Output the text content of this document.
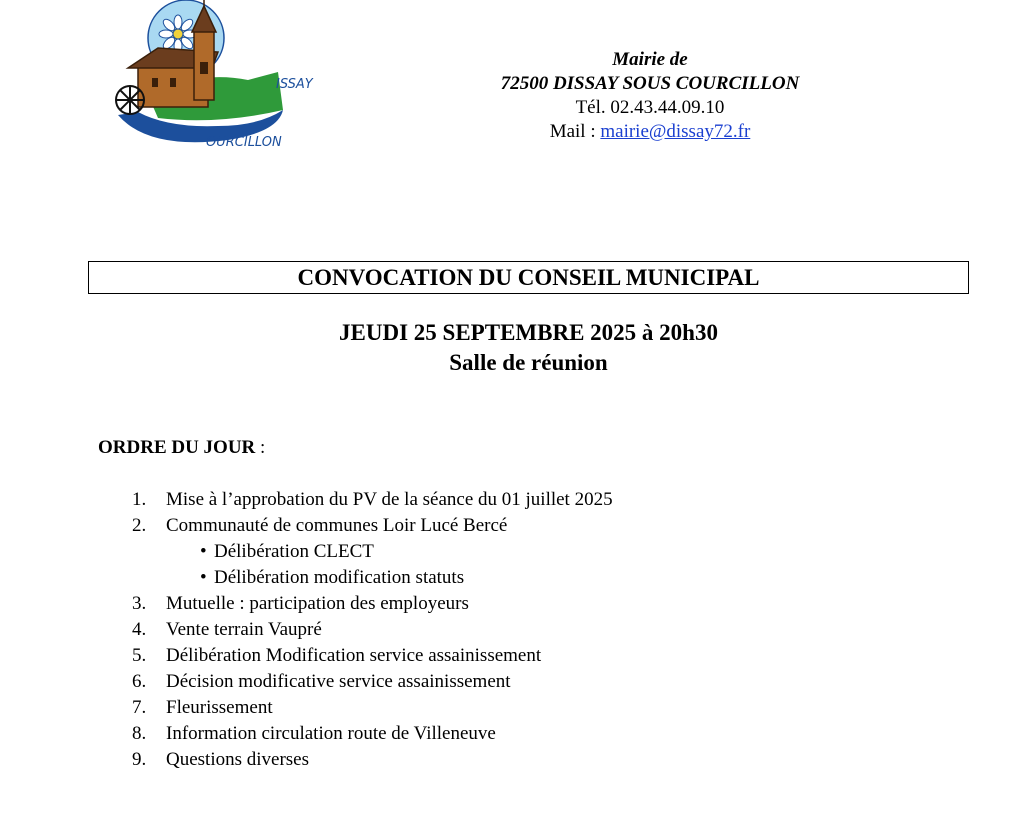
ISSAY
OURCILLON
Mairie de
72500 DISSAY SOUS COURCILLON
Tél. 02.43.44.09.10
Mail : mairie@dissay72.fr
CONVOCATION DU CONSEIL MUNICIPAL
JEUDI 25 SEPTEMBRE 2025 à 20h30
Salle de réunion
ORDRE DU JOUR :
1. Mise à l’approbation du PV de la séance du 01 juillet 2025
2. Communauté de communes Loir Lucé Bercé
• Délibération CLECT
• Délibération modification statuts
3. Mutuelle : participation des employeurs
4. Vente terrain Vaupré
5. Délibération Modification service assainissement
6. Décision modificative service assainissement
7. Fleurissement
8. Information circulation route de Villeneuve
9. Questions diverses
